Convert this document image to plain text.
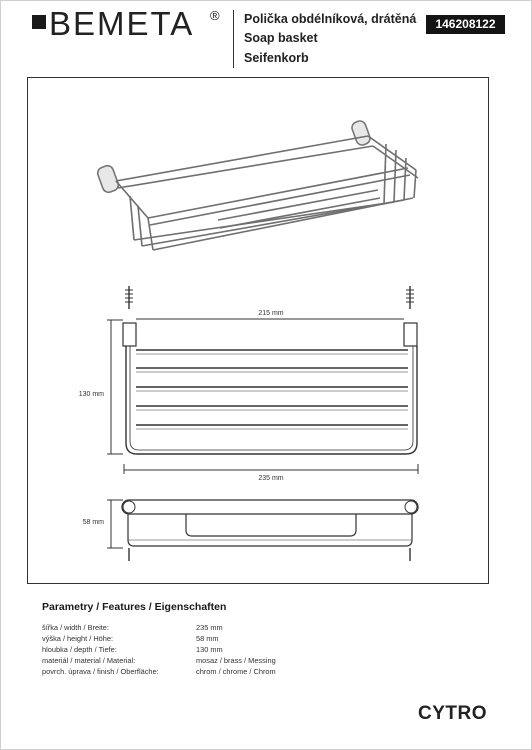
BEMETA ® Polička obdélníková, drátěná
Soap basket
Seifenkorb
146208122
215 mm
235 mm
130 mm
58 mm
Parametry / Features / Eigenschaften
šířka / width / Breite:	235 mm
výška / height / Höhe:	58 mm
hloubka / depth / Tiefe:	130 mm
materiál / material / Material:	mosaz / brass / Messing
povrch. úprava / finish / Oberfläche:	chrom / chrome / Chrom
CYTRO
